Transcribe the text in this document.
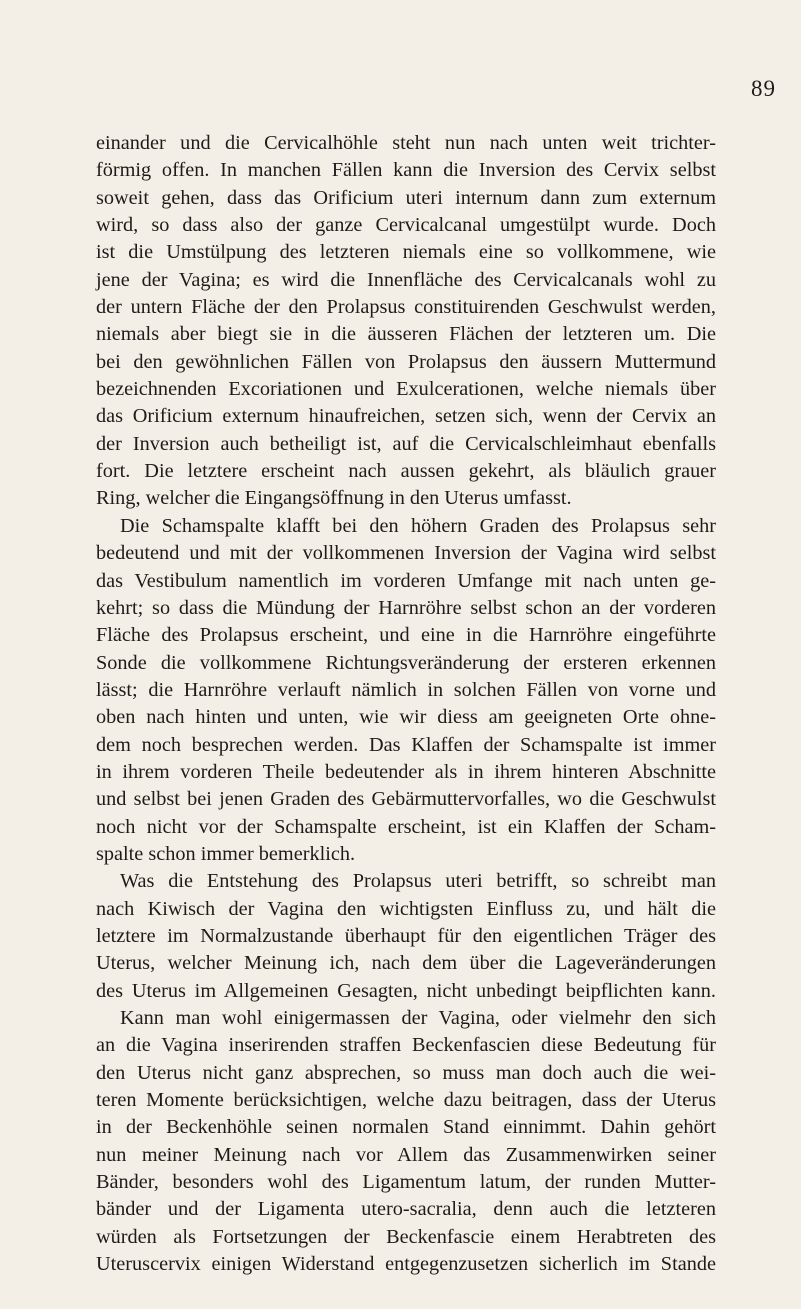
89
einander und die Cervicalhöhle steht nun nach unten weit trichter-
förmig offen. In manchen Fällen kann die Inversion des Cervix selbst
soweit gehen, dass das Orificium uteri internum dann zum externum
wird, so dass also der ganze Cervicalcanal umgestülpt wurde. Doch
ist die Umstülpung des letzteren niemals eine so vollkommene, wie
jene der Vagina; es wird die Innenfläche des Cervicalcanals wohl zu
der untern Fläche der den Prolapsus constituirenden Geschwulst werden,
niemals aber biegt sie in die äusseren Flächen der letzteren um. Die
bei den gewöhnlichen Fällen von Prolapsus den äussern Muttermund
bezeichnenden Excoriationen und Exulcerationen, welche niemals über
das Orificium externum hinaufreichen, setzen sich, wenn der Cervix an
der Inversion auch betheiligt ist, auf die Cervicalschleimhaut ebenfalls
fort. Die letztere erscheint nach aussen gekehrt, als bläulich grauer
Ring, welcher die Eingangsöffnung in den Uterus umfasst.
Die Schamspalte klafft bei den höhern Graden des Prolapsus sehr
bedeutend und mit der vollkommenen Inversion der Vagina wird selbst
das Vestibulum namentlich im vorderen Umfange mit nach unten ge-
kehrt; so dass die Mündung der Harnröhre selbst schon an der vorderen
Fläche des Prolapsus erscheint, und eine in die Harnröhre eingeführte
Sonde die vollkommene Richtungsveränderung der ersteren erkennen
lässt; die Harnröhre verlauft nämlich in solchen Fällen von vorne und
oben nach hinten und unten, wie wir diess am geeigneten Orte ohne-
dem noch besprechen werden. Das Klaffen der Schamspalte ist immer
in ihrem vorderen Theile bedeutender als in ihrem hinteren Abschnitte
und selbst bei jenen Graden des Gebärmuttervorfalles, wo die Geschwulst
noch nicht vor der Schamspalte erscheint, ist ein Klaffen der Scham-
spalte schon immer bemerklich.
Was die Entstehung des Prolapsus uteri betrifft, so schreibt man
nach Kiwisch der Vagina den wichtigsten Einfluss zu, und hält die
letztere im Normalzustande überhaupt für den eigentlichen Träger des
Uterus, welcher Meinung ich, nach dem über die Lageveränderungen
des Uterus im Allgemeinen Gesagten, nicht unbedingt beipflichten kann.
Kann man wohl einigermassen der Vagina, oder vielmehr den sich
an die Vagina inserirenden straffen Beckenfascien diese Bedeutung für
den Uterus nicht ganz absprechen, so muss man doch auch die wei-
teren Momente berücksichtigen, welche dazu beitragen, dass der Uterus
in der Beckenhöhle seinen normalen Stand einnimmt. Dahin gehört
nun meiner Meinung nach vor Allem das Zusammenwirken seiner
Bänder, besonders wohl des Ligamentum latum, der runden Mutter-
bänder und der Ligamenta utero-sacralia, denn auch die letzteren
würden als Fortsetzungen der Beckenfascie einem Herabtreten des
Uteruscervix einigen Widerstand entgegenzusetzen sicherlich im Stande
